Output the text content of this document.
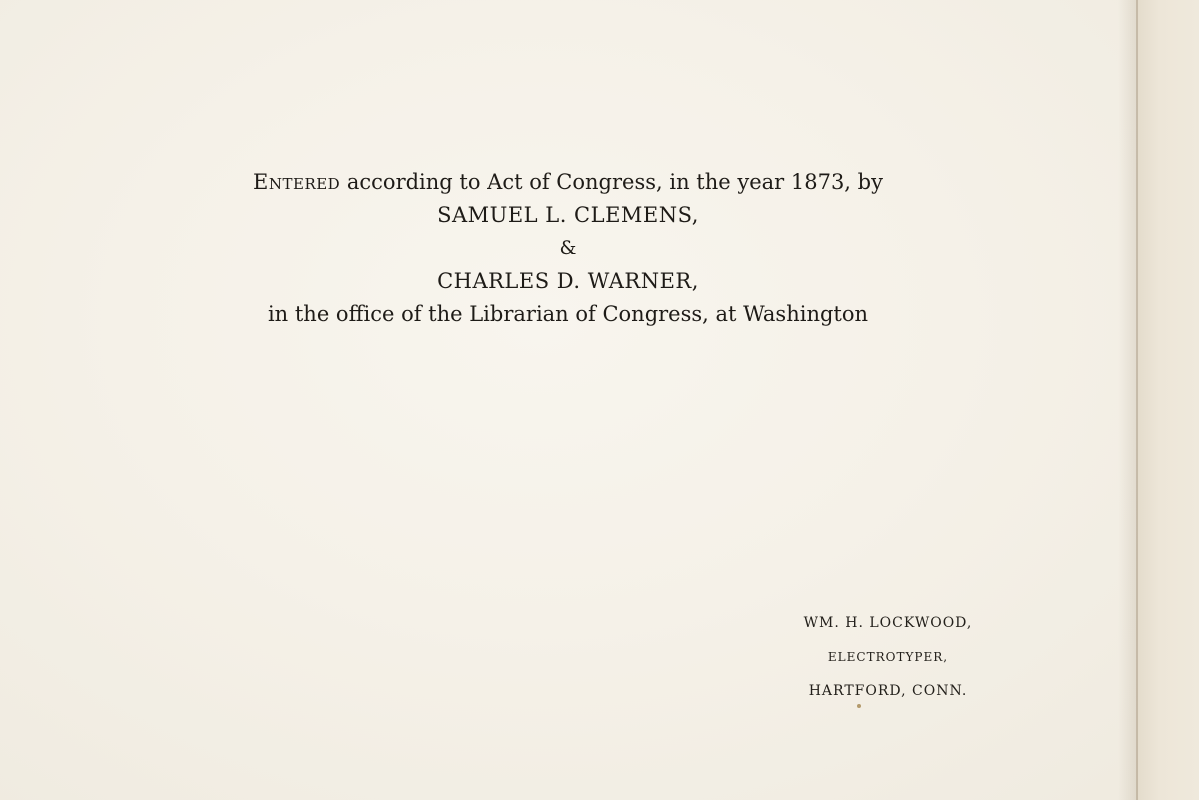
Entered according to Act of Congress, in the year 1873, by
SAMUEL L. CLEMENS,
&
CHARLES D. WARNER,
in the office of the Librarian of Congress, at Washington
WM. H. LOCKWOOD,
ELECTROTYPER,
HARTFORD, CONN.
